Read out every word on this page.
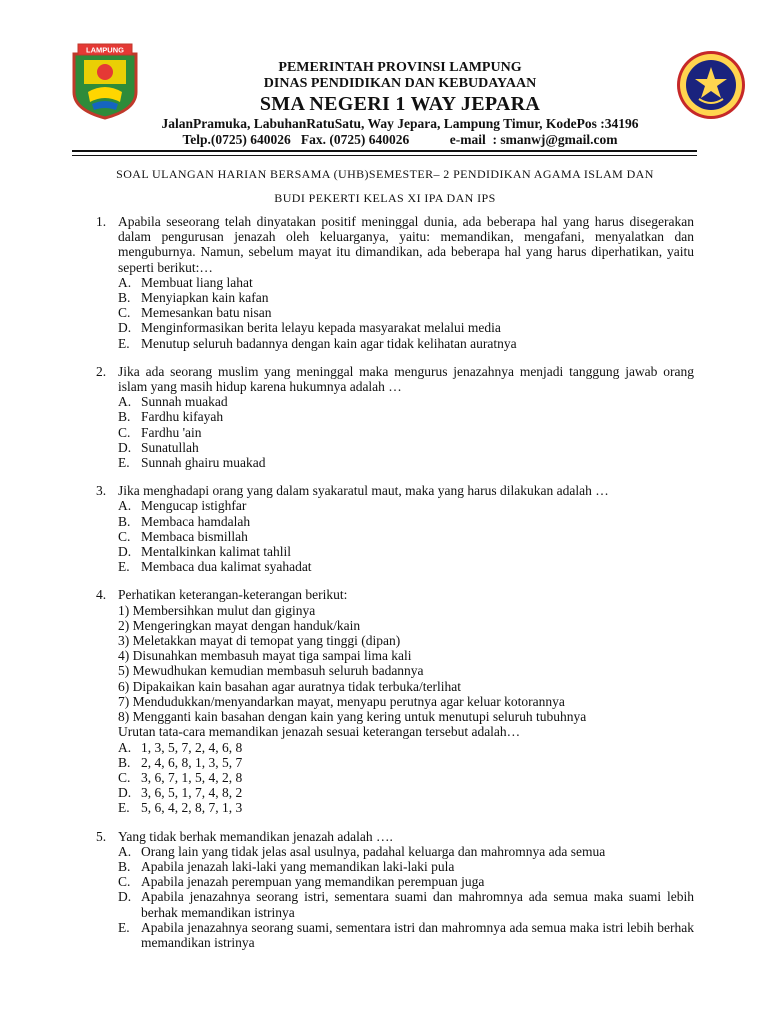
LAMPUNG
PEMERINTAH PROVINSI LAMPUNG
DINAS PENDIDIKAN DAN KEBUDAYAAN
SMA NEGERI 1 WAY JEPARA
JalanPramuka, LabuhanRatuSatu, Way Jepara, Lampung Timur, KodePos :34196
Telp.(0725) 640026   Fax. (0725) 640026            e-mail  : smanwj@gmail.com
SOAL ULANGAN HARIAN BERSAMA (UHB)SEMESTER– 2 PENDIDIKAN AGAMA ISLAM DAN
BUDI PEKERTI KELAS XI IPA DAN IPS
1. Apabila seseorang telah dinyatakan positif meninggal dunia, ada beberapa hal yang harus disegerakan dalam pengurusan jenazah oleh keluarganya, yaitu: memandikan, mengafani, menyalatkan dan menguburnya. Namun, sebelum mayat itu dimandikan, ada beberapa hal yang harus diperhatikan, yaitu seperti berikut:…
A. Membuat liang lahat
B. Menyiapkan kain kafan
C. Memesankan batu nisan
D. Menginformasikan berita lelayu kepada masyarakat melalui media
E. Menutup seluruh badannya dengan kain agar tidak kelihatan auratnya
2. Jika ada seorang muslim yang meninggal maka mengurus jenazahnya menjadi tanggung jawab orang islam yang masih hidup karena hukumnya adalah …
A. Sunnah muakad
B. Fardhu kifayah
C. Fardhu 'ain
D. Sunatullah
E. Sunnah ghairu muakad
3. Jika menghadapi orang yang dalam syakaratul maut, maka yang harus dilakukan adalah …
A. Mengucap istighfar
B. Membaca hamdalah
C. Membaca bismillah
D. Mentalkinkan kalimat tahlil
E. Membaca dua kalimat syahadat
4. Perhatikan keterangan-keterangan berikut:
1) Membersihkan mulut dan giginya
2) Mengeringkan mayat dengan handuk/kain
3) Meletakkan mayat di temopat yang tinggi (dipan)
4) Disunahkan membasuh mayat tiga sampai lima kali
5) Mewudhukan kemudian membasuh seluruh badannya
6) Dipakaikan kain basahan agar auratnya tidak terbuka/terlihat
7) Mendudukkan/menyandarkan mayat, menyapu perutnya agar keluar kotorannya
8) Mengganti kain basahan dengan kain yang kering untuk menutupi seluruh tubuhnya
Urutan tata-cara memandikan jenazah sesuai keterangan tersebut adalah…
A. 1, 3, 5, 7, 2, 4, 6, 8
B. 2, 4, 6, 8, 1, 3, 5, 7
C. 3, 6, 7, 1, 5, 4, 2, 8
D. 3, 6, 5, 1, 7, 4, 8, 2
E. 5, 6, 4, 2, 8, 7, 1, 3
5. Yang tidak berhak memandikan jenazah adalah ….
A. Orang lain yang tidak jelas asal usulnya, padahal keluarga dan mahromnya ada semua
B. Apabila jenazah laki-laki yang memandikan laki-laki pula
C. Apabila jenazah perempuan yang memandikan perempuan juga
D. Apabila jenazahnya seorang istri, sementara suami dan mahromnya ada semua maka suami lebih berhak memandikan istrinya
E. Apabila jenazahnya seorang suami, sementara istri dan mahromnya ada semua maka istri lebih berhak memandikan istrinya
